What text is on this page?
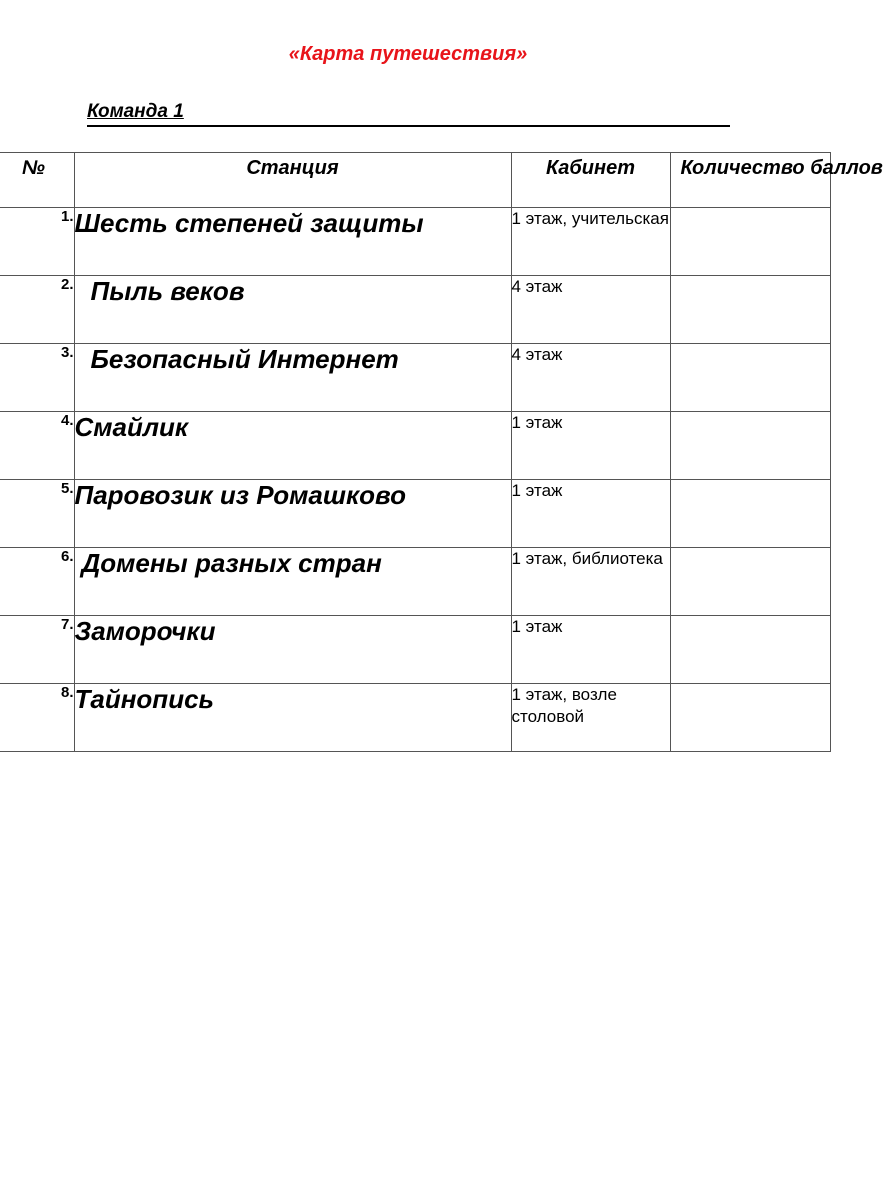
«Карта путешествия»
Команда 1
№	Станция	Кабинет	Количество баллов

1.	Шесть степеней защиты	1 этаж, учительская	
2.	Пыль веков	4 этаж	
3.	Безопасный Интернет	4 этаж	
4.	Смайлик	1 этаж	
5.	Паровозик из Ромашково	1 этаж	
6.	Домены разных стран	1 этаж, библиотека	
7.	Заморочки	1 этаж	
8.	Тайнопись	1 этаж, возле столовой	
